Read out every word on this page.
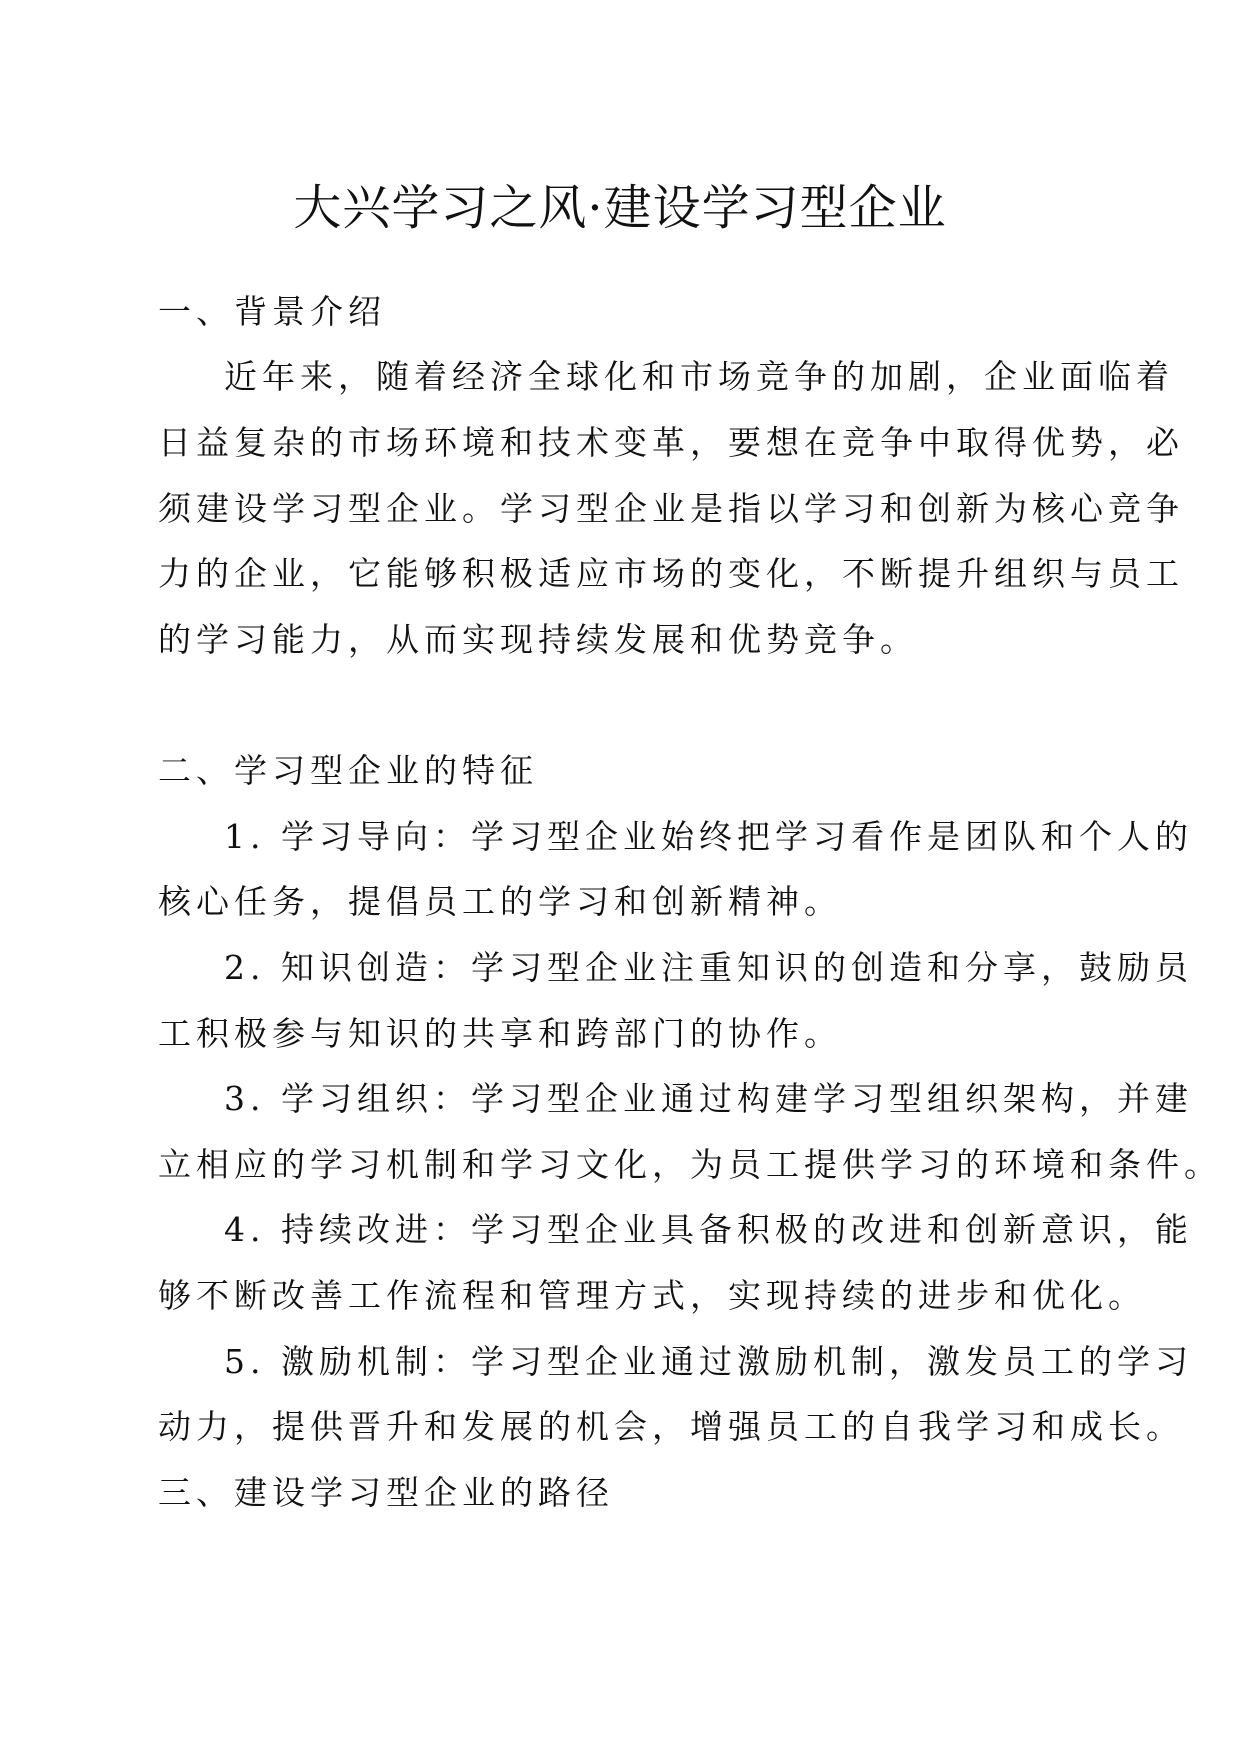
大兴学习之风·建设学习型企业
一、背景介绍
近年来，随着经济全球化和市场竞争的加剧，企业面临着
日益复杂的市场环境和技术变革，要想在竞争中取得优势，必
须建设学习型企业。学习型企业是指以学习和创新为核心竞争
力的企业，它能够积极适应市场的变化，不断提升组织与员工
的学习能力，从而实现持续发展和优势竞争。
二、学习型企业的特征
1. 学习导向：学习型企业始终把学习看作是团队和个人的
核心任务，提倡员工的学习和创新精神。
2. 知识创造：学习型企业注重知识的创造和分享，鼓励员
工积极参与知识的共享和跨部门的协作。
3. 学习组织：学习型企业通过构建学习型组织架构，并建
立相应的学习机制和学习文化，为员工提供学习的环境和条件。
4. 持续改进：学习型企业具备积极的改进和创新意识，能
够不断改善工作流程和管理方式，实现持续的进步和优化。
5. 激励机制：学习型企业通过激励机制，激发员工的学习
动力，提供晋升和发展的机会，增强员工的自我学习和成长。
三、建设学习型企业的路径
